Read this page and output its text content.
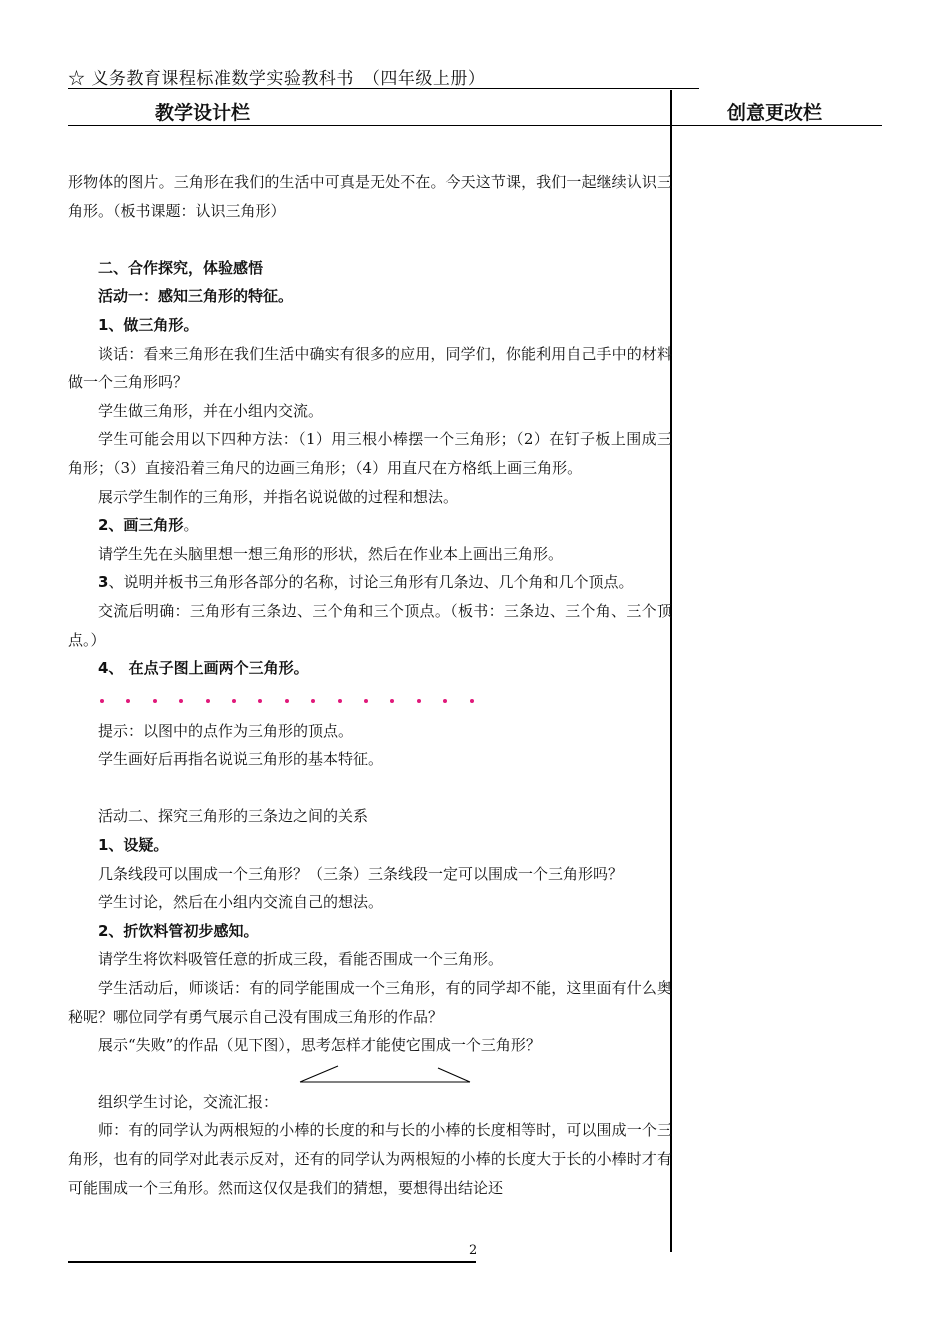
☆ 义务教育课程标准数学实验教科书　（四年级上册）
教学设计栏	创意更改栏

形物体的图片。三角形在我们的生活中可真是无处不在。今天这节课，我们一起继续认识三角形。（板书课题：认识三角形）

二、合作探究，体验感悟

活动一：感知三角形的特征。

1、做三角形。

谈话：看来三角形在我们生活中确实有很多的应用，同学们，你能利用自己手中的材料做一个三角形吗？

学生做三角形，并在小组内交流。

学生可能会用以下四种方法：（1）用三根小棒摆一个三角形；（2）在钉子板上围成三角形；（3）直接沿着三角尺的边画三角形；（4）用直尺在方格纸上画三角形。

展示学生制作的三角形，并指名说说做的过程和想法。

2、画三角形。

请学生先在头脑里想一想三角形的形状，然后在作业本上画出三角形。

3、说明并板书三角形各部分的名称，讨论三角形有几条边、几个角和几个顶点。

交流后明确：三角形有三条边、三个角和三个顶点。（板书：三条边、三个角、三个顶点。）

4、 在点子图上画两个三角形。

提示：以图中的点作为三角形的顶点。

学生画好后再指名说说三角形的基本特征。

活动二、探究三角形的三条边之间的关系

1、设疑。

几条线段可以围成一个三角形？（三条）三条线段一定可以围成一个三角形吗？

学生讨论，然后在小组内交流自己的想法。

2、折饮料管初步感知。

请学生将饮料吸管任意的折成三段，看能否围成一个三角形。

学生活动后，师谈话：有的同学能围成一个三角形，有的同学却不能，这里面有什么奥秘呢？哪位同学有勇气展示自己没有围成三角形的作品？

展示“失败”的作品（见下图），思考怎样才能使它围成一个三角形？

组织学生讨论，交流汇报：

师：有的同学认为两根短的小棒的长度的和与长的小棒的长度相等时，可以围成一个三角形，也有的同学对此表示反对，还有的同学认为两根短的小棒的长度大于长的小棒时才有可能围成一个三角形。然而这仅仅是我们的猜想，要想得出结论还

2
